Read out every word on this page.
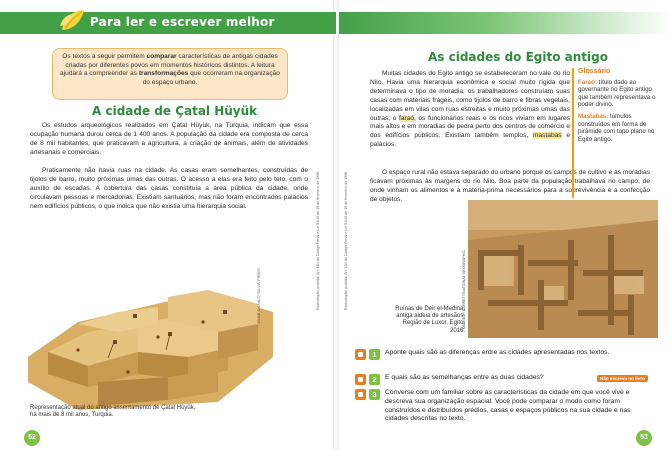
Para ler e escrever melhor
Os textos a seguir permitem comparar características de antigas cidades criadas por diferentes povos em momentos históricos distintos. A leitura ajudará a compreender as transformações que ocorreram na organização do espaço urbano.
A cidade de Çatal Hüyük

Os estudos arqueológicos realizados em Çatal Hüyük, na Turquia, indicam que essa ocupação humana durou cerca de 1 400 anos. A população da cidade era composta de cerca de 8 mil habitantes, que praticavam a agricultura, a criação de animais, além de atividades artesanais e comerciais.

Praticamente não havia ruas na cidade. As casas eram semelhantes, construídas de tijolos de barro, muito próximas umas das outras. O acesso a elas era feito pelo teto, com o auxílio de escadas. A cobertura das casas constituía a área pública da cidade, onde circulavam pessoas e mercadorias. Existiam santuários, mas não foram encontrados palácios nem edifícios públicos, o que indica que não existia uma hierarquia social.

JOSÉ DANILO SILVA PIRES
Representação atual do antigo assentamento de Çatal Hüyük, há mais de 8 mil anos, Turquia.
Reprodução proibida. Art. 184 do Código Penal e Lei 9.610 de 19 de fevereiro de 1998.
52
Reprodução proibida. Art. 184 do Código Penal e Lei 9.610 de 19 de fevereiro de 1998.
As cidades do Egito antigo

Muitas cidades do Egito antigo se estabeleceram no vale do rio Nilo. Havia uma hierarquia econômica e social muito rígida que determinava o tipo de moradia: os trabalhadores construíam suas casas com materiais frágeis, como tijolos de barro e fibras vegetais, localizadas em vilas com ruas estreitas e muito próximas umas das outras; o faraó, os funcionários reais e os ricos viviam em lugares mais altos e em moradias de pedra perto dos centros de comércio e dos edifícios públicos. Existiam também templos, mastabas e palácios.

O espaço rural não estava separado do urbano porque os campos de cultivo e as moradias ficavam próximas às margens do rio Nilo. Boa parte da população trabalhava no campo, de onde vinham os alimentos e a matéria-prima necessários para a sobrevivência e a confecção de objetos.

Glossário
Faraó: título dado ao governante no Egito antigo que também representava o poder divino.
Mastabas: túmulos construídos em forma de pirâmide com topo plano no Egito antigo.
KENNETH GARRETT/NATIONAL GEOGRAPHIC
Ruínas de Deir el-Medina, antiga aldeia de artesãos. Região de Luxor, Egito, 2016.
1	Aponte quais são as diferenças entre as cidades apresentadas nos textos.
2	E quais são as semelhanças entre as duas cidades?	Não escreva no livro
3	Converse com um familiar sobre as características da cidade em que você vive e descreva sua organização espacial. Você pode comparar o modo como foram construídos e distribuídos prédios, casas e espaços públicos na sua cidade e nas cidades descritas no texto.
53
